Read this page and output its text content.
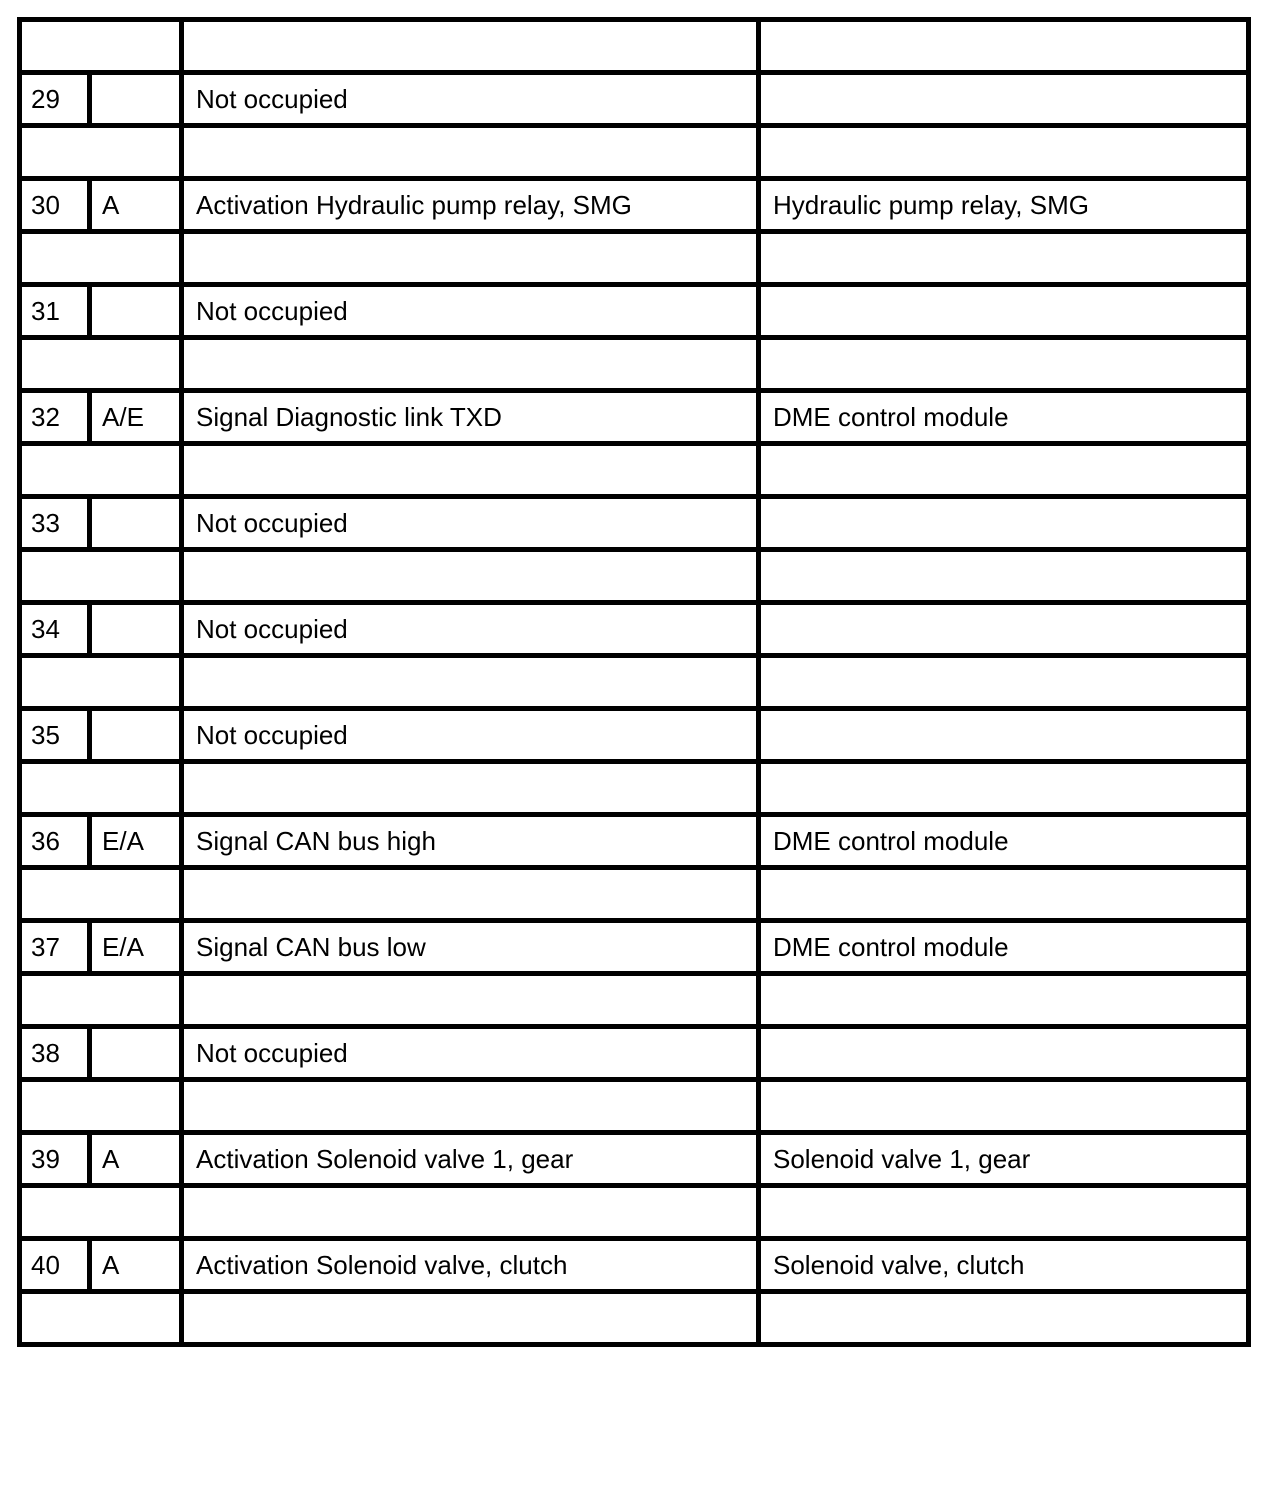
29		Not occupied	

30	A	Activation Hydraulic pump relay, SMG	Hydraulic pump relay, SMG

31		Not occupied	

32	A/E	Signal Diagnostic link TXD	DME control module

33		Not occupied	

34		Not occupied	

35		Not occupied	

36	E/A	Signal CAN bus high	DME control module

37	E/A	Signal CAN bus low	DME control module

38		Not occupied	

39	A	Activation Solenoid valve 1, gear	Solenoid valve 1, gear

40	A	Activation Solenoid valve, clutch	Solenoid valve, clutch
